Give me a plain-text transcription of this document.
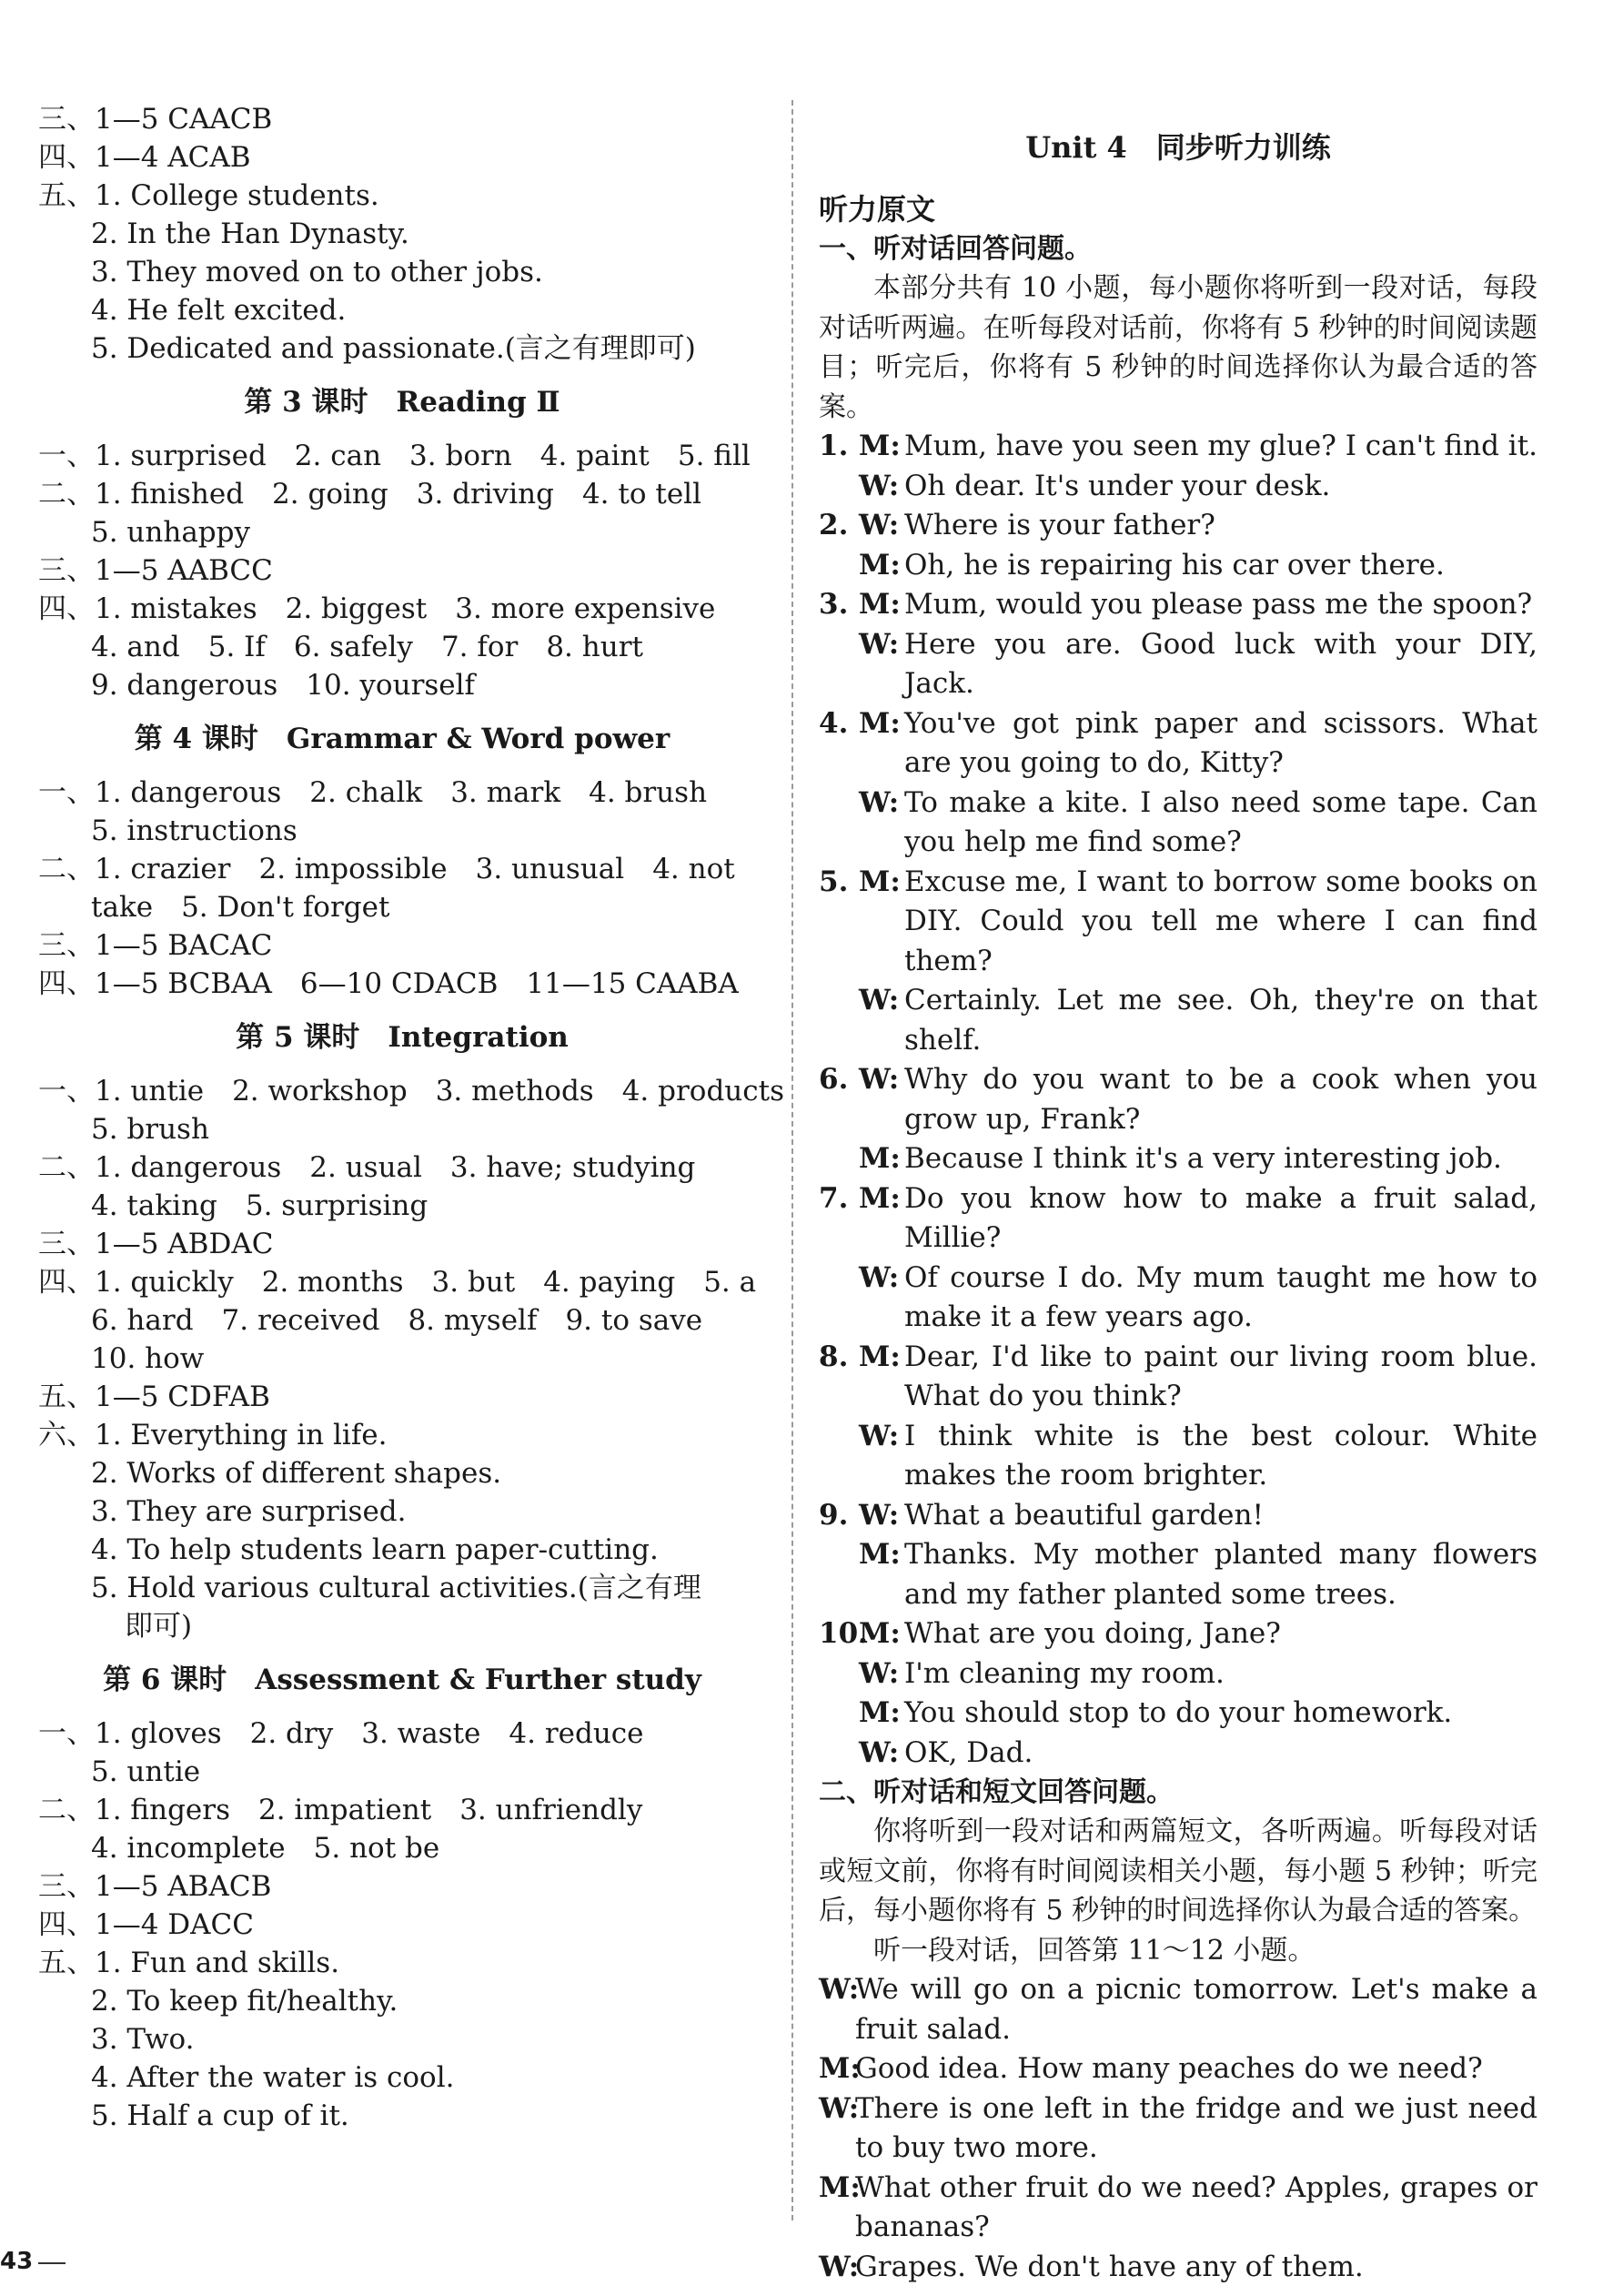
三、1—5 CAACB
四、1—4 ACAB
五、1. College students.
2. In the Han Dynasty.
3. They moved on to other jobs.
4. He felt excited.
5. Dedicated and passionate.(言之有理即可)
第 3 课时　Reading Ⅱ
一、1. surprised　2. can　3. born　4. paint　5. fill
二、1. finished　2. going　3. driving　4. to tell
5. unhappy
三、1—5 AABCC
四、1. mistakes　2. biggest　3. more expensive
4. and　5. If　6. safely　7. for　8. hurt
9. dangerous　10. yourself
第 4 课时　Grammar & Word power
一、1. dangerous　2. chalk　3. mark　4. brush
5. instructions
二、1. crazier　2. impossible　3. unusual　4. not
take　5. Don't forget
三、1—5 BACAC
四、1—5 BCBAA　6—10 CDACB　11—15 CAABA
第 5 课时　Integration
一、1. untie　2. workshop　3. methods　4. products
5. brush
二、1. dangerous　2. usual　3. have; studying
4. taking　5. surprising
三、1—5 ABDAC
四、1. quickly　2. months　3. but　4. paying　5. a
6. hard　7. received　8. myself　9. to save
10. how
五、1—5 CDFAB
六、1. Everything in life.
2. Works of different shapes.
3. They are surprised.
4. To help students learn paper-cutting.
5. Hold various cultural activities.(言之有理
即可)
第 6 课时　Assessment & Further study
一、1. gloves　2. dry　3. waste　4. reduce
5. untie
二、1. fingers　2. impatient　3. unfriendly
4. incomplete　5. not be
三、1—5 ABACB
四、1—4 DACC
五、1. Fun and skills.
2. To keep fit/healthy.
3. Two.
4. After the water is cool.
5. Half a cup of it.
43
Unit 4　同步听力训练
听力原文
一、听对话回答问题。
本部分共有 10 小题，每小题你将听到一段对话，每段对话听两遍。在听每段对话前，你将有 5 秒钟的时间阅读题目；听完后，你将有 5 秒钟的时间选择你认为最合适的答案。
1. M: Mum, have you seen my glue? I can't find it.
W: Oh dear. It's under your desk.
2. W: Where is your father?
M: Oh, he is repairing his car over there.
3. M: Mum, would you please pass me the spoon?
W: Here you are. Good luck with your DIY, Jack.
4. M: You've got pink paper and scissors. What are you going to do, Kitty?
W: To make a kite. I also need some tape. Can you help me find some?
5. M: Excuse me, I want to borrow some books on DIY. Could you tell me where I can find them?
W: Certainly. Let me see. Oh, they're on that shelf.
6. W: Why do you want to be a cook when you grow up, Frank?
M: Because I think it's a very interesting job.
7. M: Do you know how to make a fruit salad, Millie?
W: Of course I do. My mum taught me how to make it a few years ago.
8. M: Dear, I'd like to paint our living room blue. What do you think?
W: I think white is the best colour. White makes the room brighter.
9. W: What a beautiful garden!
M: Thanks. My mother planted many flowers and my father planted some trees.
10.
M: What are you doing, Jane?
W: I'm cleaning my room.
M: You should stop to do your homework.
W: OK, Dad.
二、听对话和短文回答问题。
你将听到一段对话和两篇短文，各听两遍。听每段对话或短文前，你将有时间阅读相关小题，每小题 5 秒钟；听完后，每小题你将有 5 秒钟的时间选择你认为最合适的答案。
听一段对话，回答第 11～12 小题。
W:
We will go on a picnic tomorrow. Let's make a fruit salad.
M:
Good idea. How many peaches do we need?
W:
There is one left in the fridge and we just need to buy two more.
M:
What other fruit do we need? Apples, grapes or bananas?
W:
Grapes. We don't have any of them.
